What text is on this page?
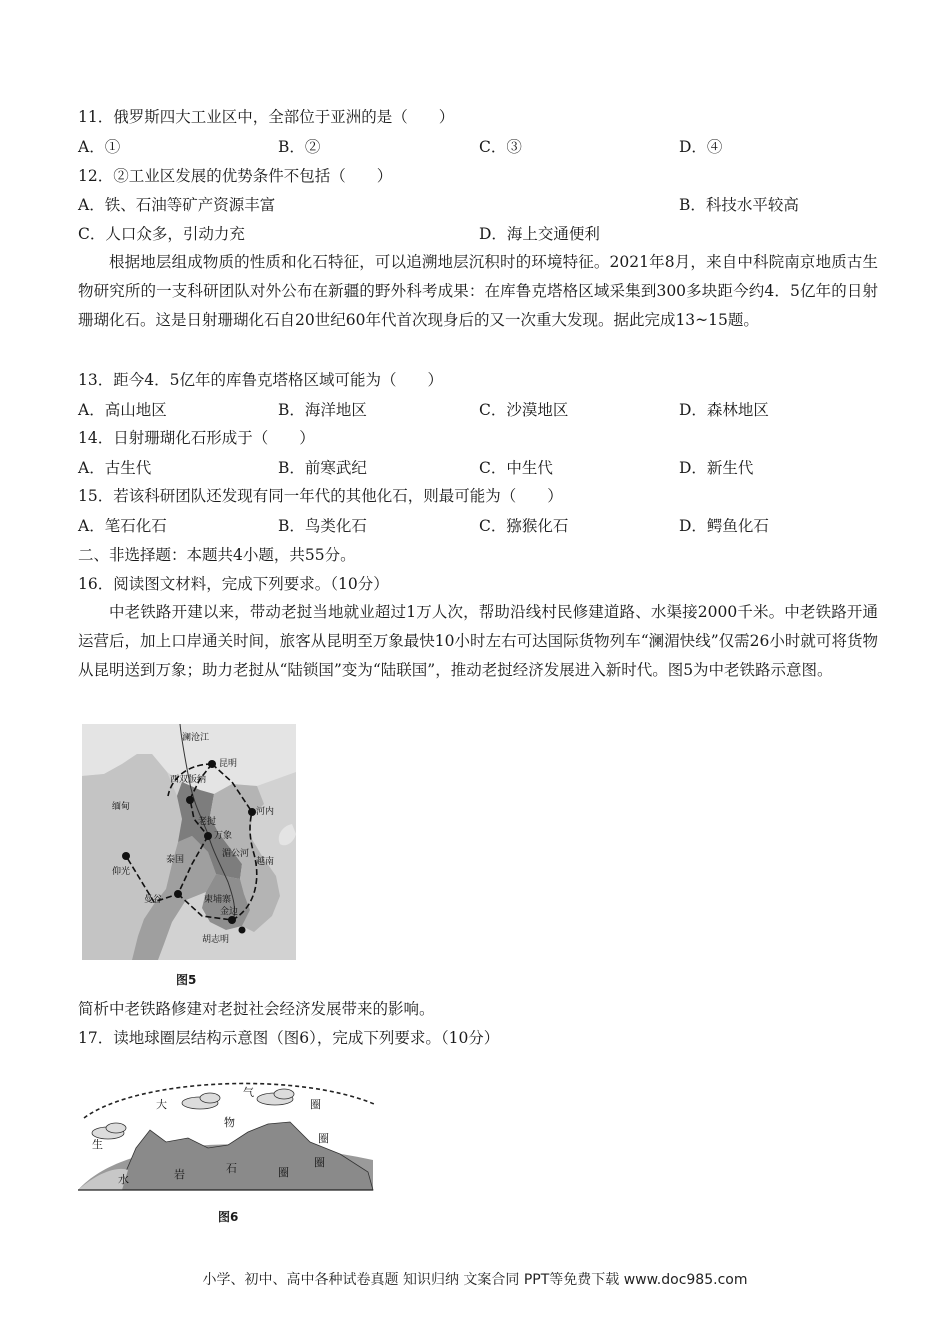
11．俄罗斯四大工业区中，全部位于亚洲的是（　　）
A．①	B．②	C．③	D．④
12．②工业区发展的优势条件不包括（　　）
A．铁、石油等矿产资源丰富	B．科技水平较高
C．人口众多，引动力充	D．海上交通便利
根据地层组成物质的性质和化石特征，可以追溯地层沉积时的环境特征。2021年8月，来自中科院南京地质古生物研究所的一支科研团队对外公布在新疆的野外科考成果：在库鲁克塔格区域采集到300多块距今约4．5亿年的日射珊瑚化石。这是日射珊瑚化石自20世纪60年代首次现身后的又一次重大发现。据此完成13~15题。
13．距今4．5亿年的库鲁克塔格区域可能为（　　）
A．高山地区	B．海洋地区	C．沙漠地区	D．森林地区
14．日射珊瑚化石形成于（　　）
A．古生代	B．前寒武纪	C．中生代	D．新生代
15．若该科研团队还发现有同一年代的其他化石，则最可能为（　　）
A．笔石化石	B．鸟类化石	C．猕猴化石	D．鳄鱼化石
二、非选择题：本题共4小题，共55分。
16．阅读图文材料，完成下列要求。（10分）
中老铁路开建以来，带动老挝当地就业超过1万人次，帮助沿线村民修建道路、水渠接2000千米。中老铁路开通运营后，加上口岸通关时间，旅客从昆明至万象最快10小时左右可达国际货物列车“澜湄快线”仅需26小时就可将货物从昆明送到万象；助力老挝从“陆锁国”变为“陆联国”，推动老挝经济发展进入新时代。图5为中老铁路示意图。
昆明
河内
仰光
曼谷
万象
胡志明
金边
西双版纳
缅甸
泰国
老挝
越南
柬埔寨
湄公河
澜沧江
图5
简析中老铁路修建对老挝社会经济发展带来的影响。
17．读地球圈层结构示意图（图6），完成下列要求。（10分）
大
气
圈
生
物
圈
水	岩	石	圈
圈
图6
小学、初中、高中各种试卷真题 知识归纳 文案合同 PPT等免费下载 www.doc985.com
